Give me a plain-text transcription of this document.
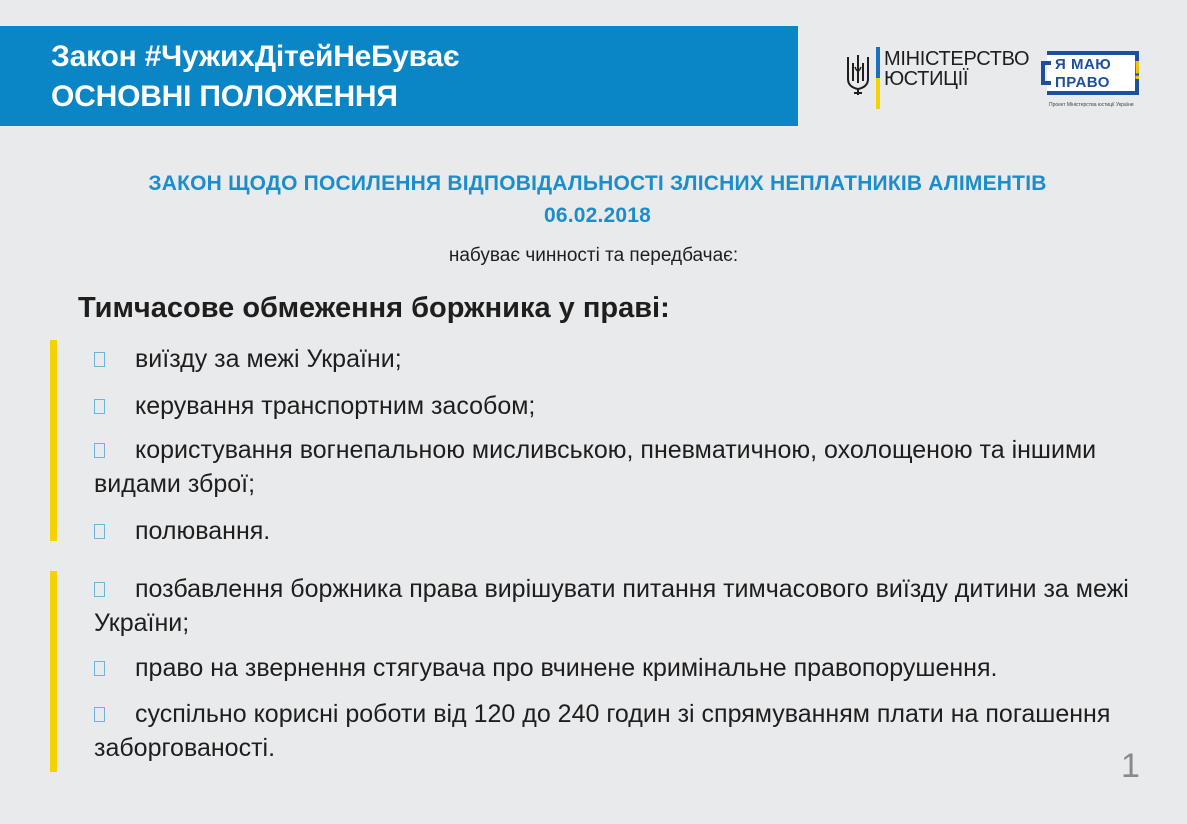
Закон #ЧужихДітейНеБуває
ОСНОВНІ ПОЛОЖЕННЯ
МІНІСТЕРСТВО
ЮСТИЦІЇ
Я МАЮ
ПРАВО !
Проект Міністерства юстиції України
ЗАКОН ЩОДО ПОСИЛЕННЯ ВІДПОВІДАЛЬНОСТІ ЗЛІСНИХ НЕПЛАТНИКІВ АЛІМЕНТІВ
06.02.2018
набуває чинності та передбачає:
Тимчасове обмеження боржника у праві:
виїзду за межі України;
керування транспортним засобом;
користування вогнепальною мисливською, пневматичною, охолощеною та іншими видами зброї;
полювання.
позбавлення боржника права вирішувати питання тимчасового виїзду дитини за межі України;
право на звернення стягувача про вчинене кримінальне правопорушення.
суспільно корисні роботи від 120 до 240 годин зі спрямуванням плати на погашення заборгованості.	1
